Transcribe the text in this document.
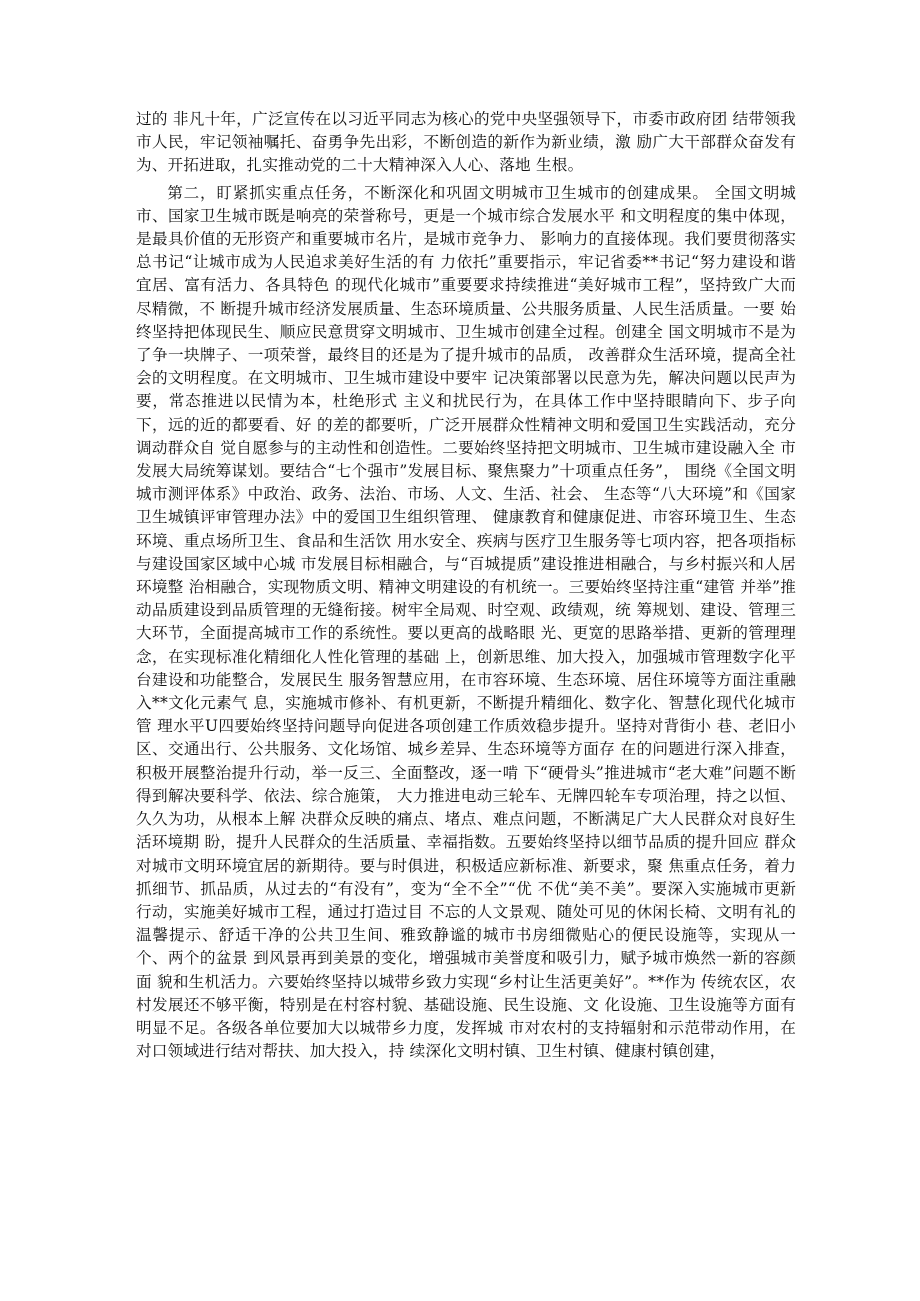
过的 非凡十年，广泛宣传在以习近平同志为核心的党中央坚强领导下，市委市政府团 结带领我市人民，牢记领袖嘱托、奋勇争先出彩，不断创造的新作为新业绩，激 励广大干部群众奋发有为、开拓进取，扎实推动党的二十大精神深入人心、落地 生根。

第二，盯紧抓实重点任务，不断深化和巩固文明城市卫生城市的创建成果。 全国文明城市、国家卫生城市既是响亮的荣誉称号，更是一个城市综合发展水平 和文明程度的集中体现，是最具价值的无形资产和重要城市名片，是城市竞争力、 影响力的直接体现。我们要贯彻落实总书记“让城市成为人民追求美好生活的有 力依托”重要指示，牢记省委**书记“努力建设和谐宜居、富有活力、各具特色 的现代化城市”重要要求持续推进“美好城市工程”，坚持致广大而尽精微，不 断提升城市经济发展质量、生态环境质量、公共服务质量、人民生活质量。一要 始终坚持把体现民生、顺应民意贯穿文明城市、卫生城市创建全过程。创建全 国文明城市不是为了争一块牌子、一项荣誉，最终目的还是为了提升城市的品质， 改善群众生活环境，提高全社会的文明程度。在文明城市、卫生城市建设中要牢 记决策部署以民意为先，解决问题以民声为要，常态推进以民情为本，杜绝形式 主义和扰民行为，在具体工作中坚持眼睛向下、步子向下，远的近的都要看、好 的差的都要听，广泛开展群众性精神文明和爱国卫生实践活动，充分调动群众自 觉自愿参与的主动性和创造性。二要始终坚持把文明城市、卫生城市建设融入全 市发展大局统筹谋划。要结合“七个强市”发展目标、聚焦聚力”十项重点任务”， 围绕《全国文明城市测评体系》中政治、政务、法治、市场、人文、生活、社会、 生态等“八大环境”和《国家卫生城镇评审管理办法》中的爱国卫生组织管理、 健康教育和健康促进、市容环境卫生、生态环境、重点场所卫生、食品和生活饮 用水安全、疾病与医疗卫生服务等七项内容，把各项指标与建设国家区域中心城 市发展目标相融合，与“百城提质”建设推进相融合，与乡村振兴和人居环境整 治相融合，实现物质文明、精神文明建设的有机统一。三要始终坚持注重“建管 并举”推动品质建设到品质管理的无缝衔接。树牢全局观、时空观、政绩观，统 筹规划、建设、管理三大环节，全面提高城市工作的系统性。要以更高的战略眼 光、更宽的思路举措、更新的管理理念，在实现标准化精细化人性化管理的基础 上，创新思维、加大投入，加强城市管理数字化平台建设和功能整合，发展民生 服务智慧应用，在市容环境、生态环境、居住环境等方面注重融入**文化元素气 息，实施城市修补、有机更新，不断提升精细化、数字化、智慧化现代化城市管 理水平U四要始终坚持问题导向促进各项创建工作质效稳步提升。坚持对背街小 巷、老旧小区、交通出行、公共服务、文化场馆、城乡差异、生态环境等方面存 在的问题进行深入排查，积极开展整治提升行动，举一反三、全面整改，逐一啃 下“硬骨头”推进城市“老大难”问题不断得到解决要科学、依法、综合施策， 大力推进电动三轮车、无牌四轮车专项治理，持之以恒、久久为功，从根本上解 决群众反映的痛点、堵点、难点问题，不断满足广大人民群众对良好生活环境期 盼，提升人民群众的生活质量、幸福指数。五要始终坚持以细节品质的提升回应 群众对城市文明环境宜居的新期待。要与时俱进，积极适应新标准、新要求，聚 焦重点任务，着力抓细节、抓品质，从过去的“有没有”，变为“全不全”“优 不优“美不美”。要深入实施城市更新行动，实施美好城市工程，通过打造过目 不忘的人文景观、随处可见的休闲长椅、文明有礼的温馨提示、舒适干净的公共卫生间、雅致静谧的城市书房细微贴心的便民设施等，实现从一个、两个的盆景 到风景再到美景的变化，增强城市美誉度和吸引力，赋予城市焕然一新的容颜面 貌和生机活力。六要始终坚持以城带乡致力实现“乡村让生活更美好”。**作为 传统农区，农村发展还不够平衡，特别是在村容村貌、基础设施、民生设施、文 化设施、卫生设施等方面有明显不足。各级各单位要加大以城带乡力度，发挥城 市对农村的支持辐射和示范带动作用，在对口领域进行结对帮扶、加大投入，持 续深化文明村镇、卫生村镇、健康村镇创建，
